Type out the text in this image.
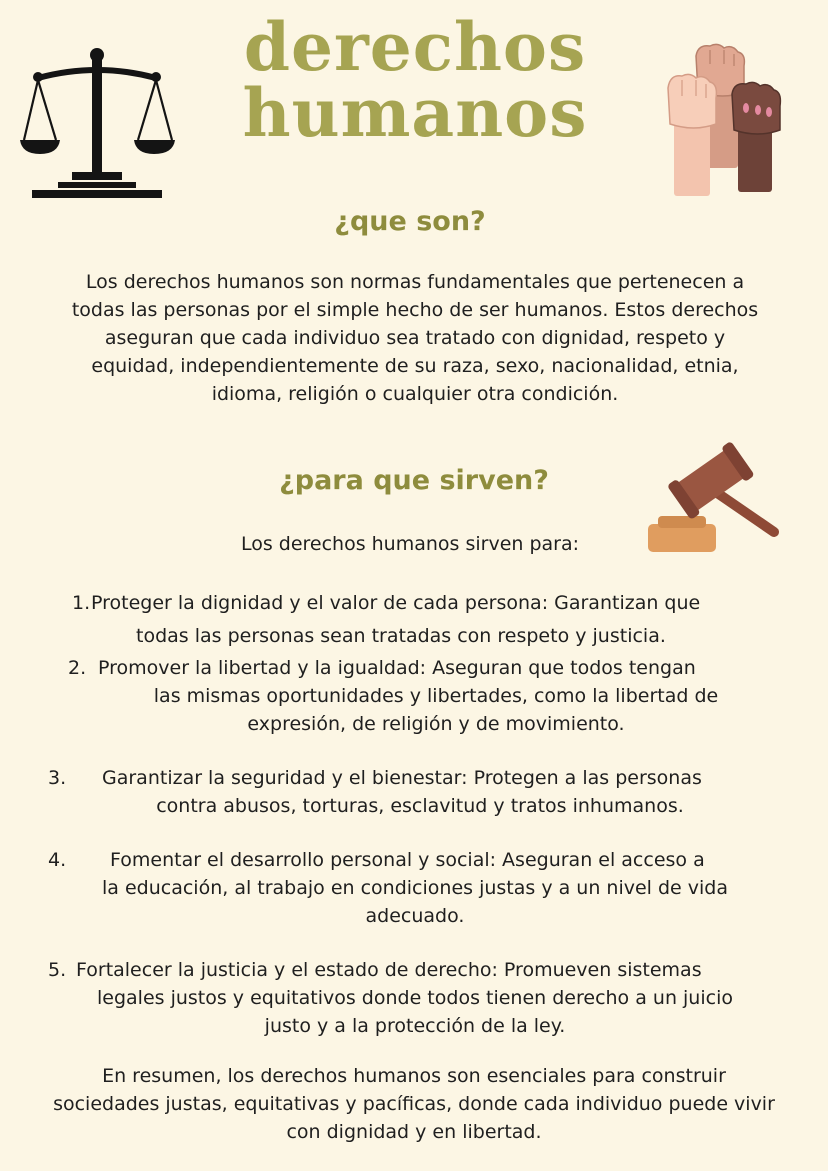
derechos
humanos
¿que son?
Los derechos humanos son normas fundamentales que pertenecen a todas las personas por el simple hecho de ser humanos. Estos derechos aseguran que cada individuo sea tratado con dignidad, respeto y equidad, independientemente de su raza, sexo, nacionalidad, etnia, idioma, religión o cualquier otra condición.
¿para que sirven?
Los derechos humanos sirven para:
1. Proteger la dignidad y el valor de cada persona: Garantizan que
todas las personas sean tratadas con respeto y justicia.
2. Promover la libertad y la igualdad: Aseguran que todos tengan
las mismas oportunidades y libertades, como la libertad de
expresión, de religión y de movimiento.
3. Garantizar la seguridad y el bienestar: Protegen a las personas
contra abusos, torturas, esclavitud y tratos inhumanos.
4. Fomentar el desarrollo personal y social: Aseguran el acceso a
la educación, al trabajo en condiciones justas y a un nivel de vida
adecuado.
5. Fortalecer la justicia y el estado de derecho: Promueven sistemas
legales justos y equitativos donde todos tienen derecho a un juicio
justo y a la protección de la ley.
En resumen, los derechos humanos son esenciales para construir sociedades justas, equitativas y pacíficas, donde cada individuo puede vivir con dignidad y en libertad.
